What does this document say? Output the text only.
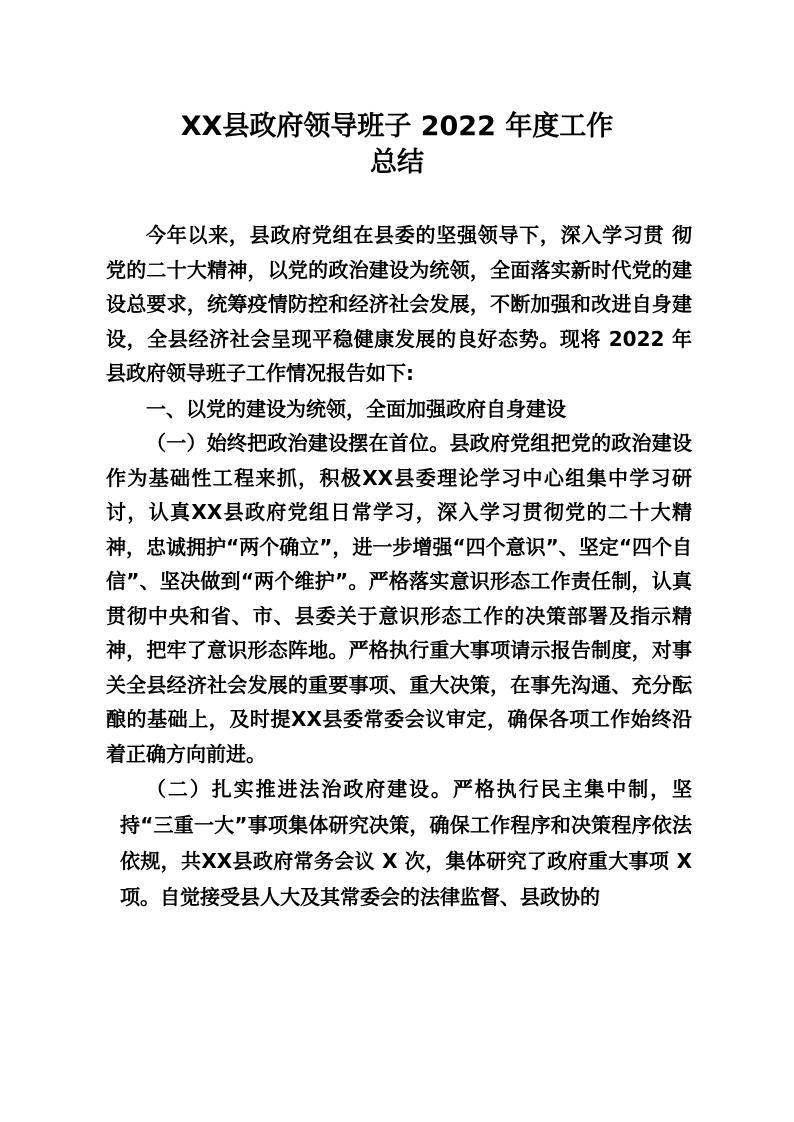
XX县政府领导班子 2022 年度工作
总结

今年以来，县政府党组在县委的坚强领导下，深入学习贯 彻党的二十大精神，以党的政治建设为统领，全面落实新时代党的建设总要求，统筹疫情防控和经济社会发展，不断加强和改进自身建设，全县经济社会呈现平稳健康发展的良好态势。现将 2022 年县政府领导班子工作情况报告如下:

一、以党的建设为统领，全面加强政府自身建设

（一）始终把政治建设摆在首位。县政府党组把党的政治建设作为基础性工程来抓，积极XX县委理论学习中心组集中学习研讨，认真XX县政府党组日常学习，深入学习贯彻党的二十大精神，忠诚拥护“两个确立”，进一步增强“四个意识”、坚定“四个自信”、坚决做到“两个维护”。严格落实意识形态工作责任制，认真贯彻中央和省、市、县委关于意识形态工作的决策部署及指示精神，把牢了意识形态阵地。严格执行重大事项请示报告制度，对事关全县经济社会发展的重要事项、重大决策，在事先沟通、充分酝酿的基础上，及时提XX县委常委会议审定，确保各项工作始终沿着正确方向前进。

（二）扎实推进法治政府建设。严格执行民主集中制，坚持“三重一大”事项集体研究决策，确保工作程序和决策程序依法依规，共XX县政府常务会议 X 次，集体研究了政府重大事项 X 项。自觉接受县人大及其常委会的法律监督、县政协的
